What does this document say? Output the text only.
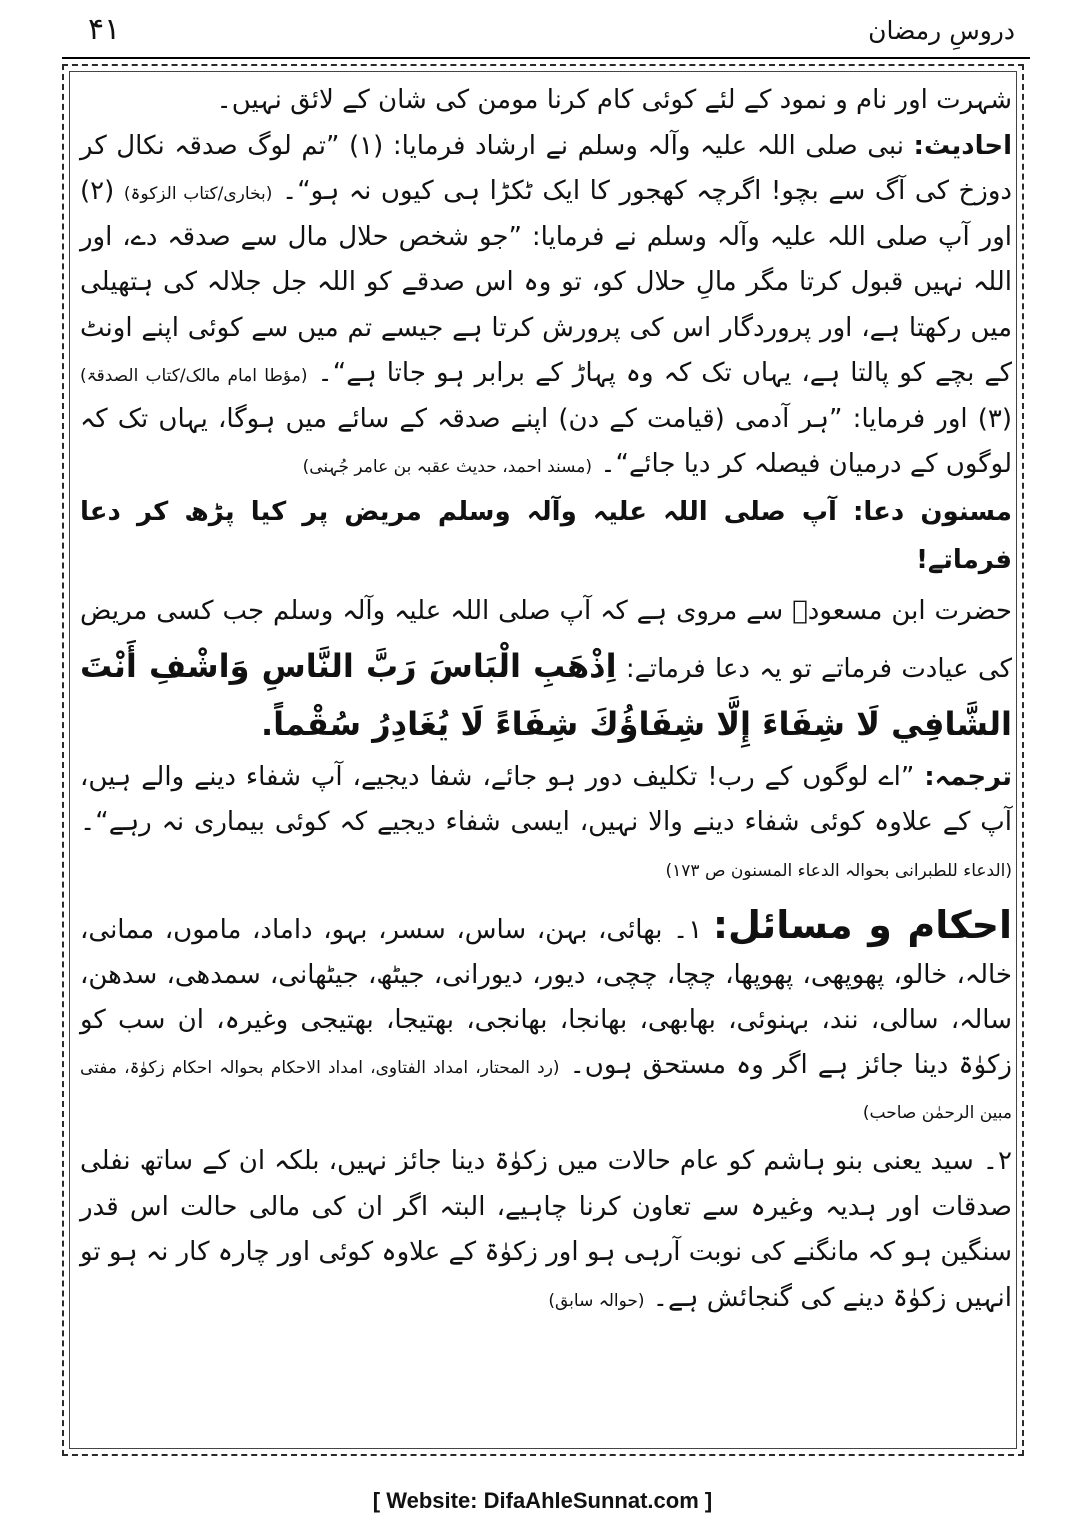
۴۱	دروسِ رمضان

شہرت اور نام و نمود کے لئے کوئی کام کرنا مومن کی شان کے لائق نہیں۔

احادیث: نبی صلی اللہ علیہ وآلہ وسلم نے ارشاد فرمایا: (۱) ”تم لوگ صدقہ نکال کر دوزخ کی آگ سے بچو! اگرچہ کھجور کا ایک ٹکڑا ہی کیوں نہ ہو“۔ (بخاری/کتاب الزکوۃ) (۲) اور آپ صلی اللہ علیہ وآلہ وسلم نے فرمایا: ”جو شخص حلال مال سے صدقہ دے، اور اللہ نہیں قبول کرتا مگر مالِ حلال کو، تو وہ اس صدقے کو اللہ جل جلالہ کی ہتھیلی میں رکھتا ہے، اور پروردگار اس کی پرورش کرتا ہے جیسے تم میں سے کوئی اپنے اونٹ کے بچے کو پالتا ہے، یہاں تک کہ وہ پہاڑ کے برابر ہو جاتا ہے“۔ (مؤطا امام مالک/کتاب الصدقۃ) (۳) اور فرمایا: ”ہر آدمی (قیامت کے دن) اپنے صدقہ کے سائے میں ہوگا، یہاں تک کہ لوگوں کے درمیان فیصلہ کر دیا جائے“۔ (مسند احمد، حدیث عقبہ بن عامر جُہنی)

مسنون دعا: آپ صلی اللہ علیہ وآلہ وسلم مریض پر کیا پڑھ کر دعا فرماتے!

حضرت ابن مسعودؓ سے مروی ہے کہ آپ صلی اللہ علیہ وآلہ وسلم جب کسی مریض کی عیادت فرماتے تو یہ دعا فرماتے: اِذْهَبِ الْبَاسَ رَبَّ النَّاسِ وَاشْفِ أَنْتَ الشَّافِي لَا شِفَاءَ إِلَّا شِفَاؤُكَ شِفَاءً لَا يُغَادِرُ سُقْماً.

ترجمہ: ”اے لوگوں کے رب! تکلیف دور ہو جائے، شفا دیجیے، آپ شفاء دینے والے ہیں، آپ کے علاوہ کوئی شفاء دینے والا نہیں، ایسی شفاء دیجیے کہ کوئی بیماری نہ رہے“۔ (الدعاء للطبرانی بحوالہ الدعاء المسنون ص ۱۷۳)

احکام و مسائل: ۱۔ بھائی، بہن، ساس، سسر، بہو، داماد، ماموں، ممانی، خالہ، خالو، پھوپھی، پھوپھا، چچا، چچی، دیور، دیورانی، جیٹھ، جیٹھانی، سمدھی، سدھن، سالہ، سالی، نند، بہنوئی، بھابھی، بھانجا، بھانجی، بھتیجا، بھتیجی وغیرہ، ان سب کو زکوٰۃ دینا جائز ہے اگر وہ مستحق ہوں۔ (رد المحتار، امداد الفتاوی، امداد الاحکام بحوالہ احکام زکوٰۃ، مفتی مبین الرحمٰن صاحب)

۲۔ سید یعنی بنو ہاشم کو عام حالات میں زکوٰۃ دینا جائز نہیں، بلکہ ان کے ساتھ نفلی صدقات اور ہدیہ وغیرہ سے تعاون کرنا چاہیے، البتہ اگر ان کی مالی حالت اس قدر سنگین ہو کہ مانگنے کی نوبت آرہی ہو اور زکوٰۃ کے علاوہ کوئی اور چارہ کار نہ ہو تو انہیں زکوٰۃ دینے کی گنجائش ہے۔ (حوالہ سابق)

[ Website: DifaAhleSunnat.com ]
